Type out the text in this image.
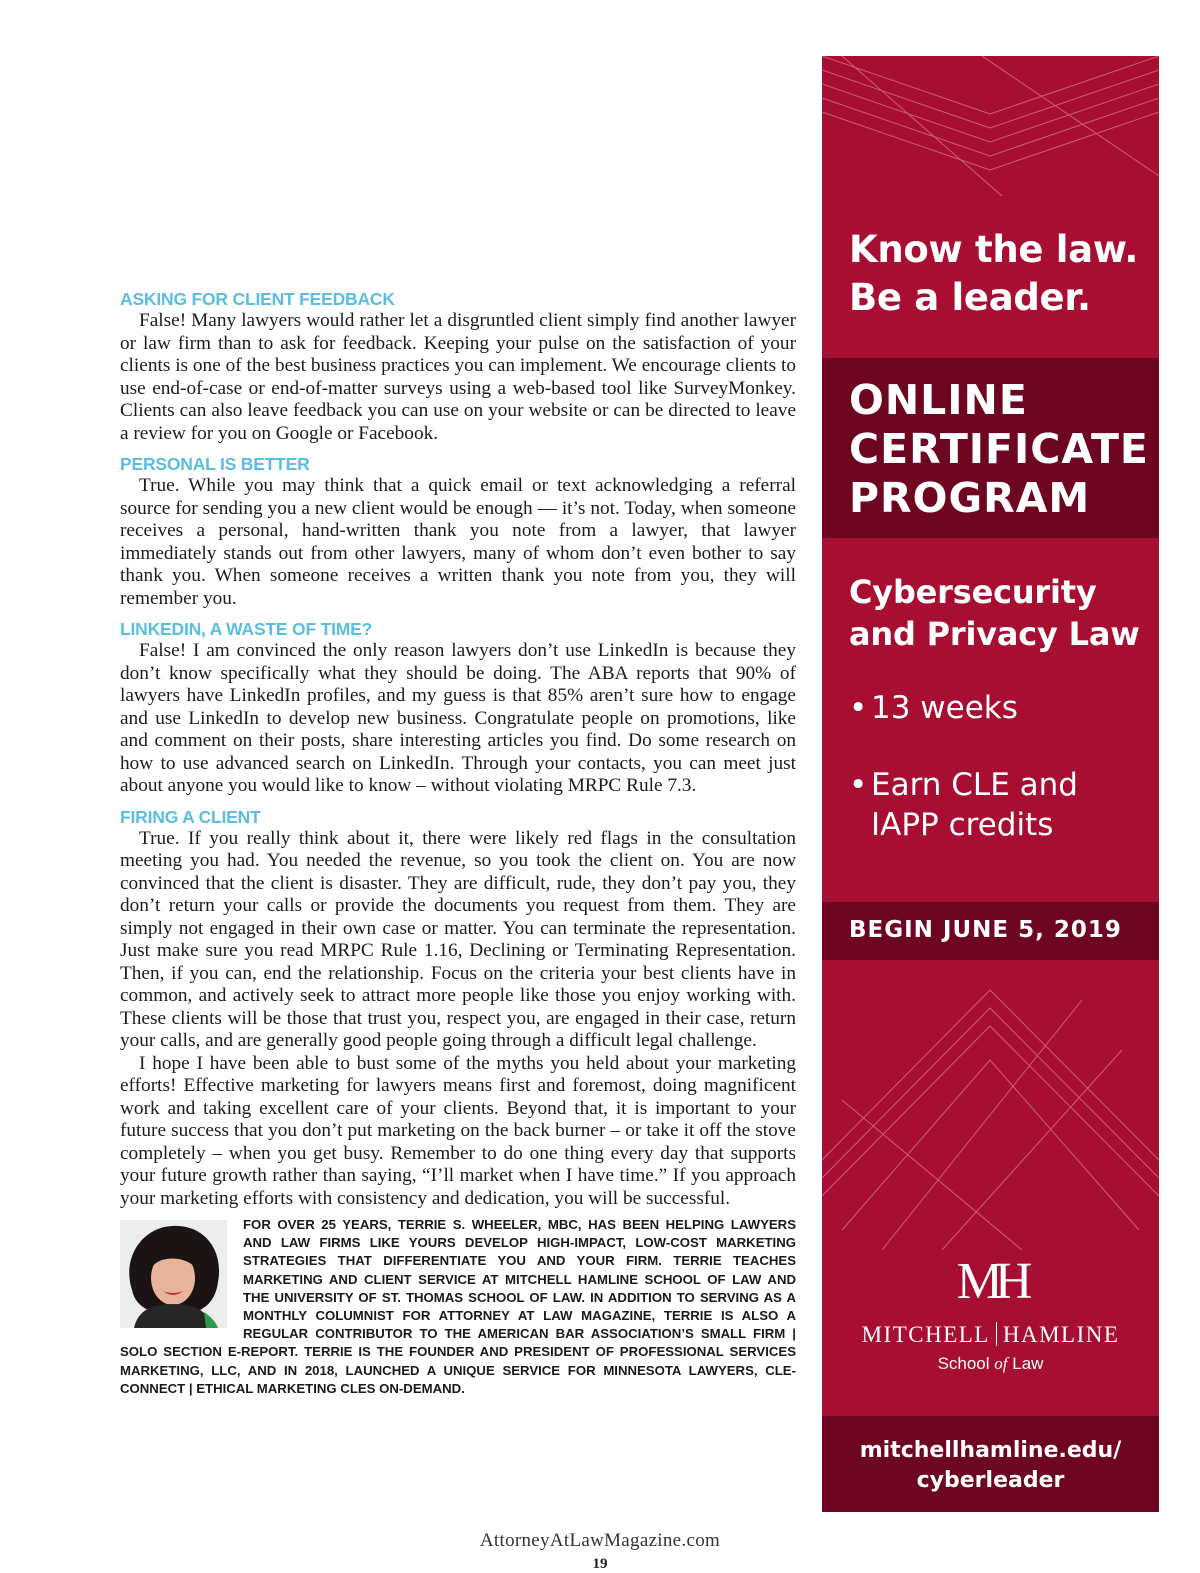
ASKING FOR CLIENT FEEDBACK

False! Many lawyers would rather let a disgruntled client simply find another lawyer or law firm than to ask for feedback. Keeping your pulse on the satisfaction of your clients is one of the best business practices you can implement. We encourage clients to use end-of-case or end-of-matter surveys using a web-based tool like SurveyMonkey. Clients can also leave feedback you can use on your website or can be directed to leave a review for you on Google or Facebook.

PERSONAL IS BETTER

True. While you may think that a quick email or text acknowledging a referral source for sending you a new client would be enough –– it’s not. Today, when someone receives a personal, hand-written thank you note from a lawyer, that lawyer immediately stands out from other lawyers, many of whom don’t even bother to say thank you. When someone receives a written thank you note from you, they will remember you.

LINKEDIN, A WASTE OF TIME?

False! I am convinced the only reason lawyers don’t use LinkedIn is because they don’t know specifically what they should be doing. The ABA reports that 90% of lawyers have LinkedIn profiles, and my guess is that 85% aren’t sure how to engage and use LinkedIn to develop new business. Congratulate people on promotions, like and comment on their posts, share interesting articles you find. Do some research on how to use advanced search on LinkedIn. Through your contacts, you can meet just about anyone you would like to know – without violating MRPC Rule 7.3.

FIRING A CLIENT

True. If you really think about it, there were likely red flags in the consultation meeting you had. You needed the revenue, so you took the client on. You are now convinced that the client is disaster. They are difficult, rude, they don’t pay you, they don’t return your calls or provide the documents you request from them. They are simply not engaged in their own case or matter. You can terminate the representation. Just make sure you read MRPC Rule 1.16, Declining or Terminating Representation. Then, if you can, end the relationship. Focus on the criteria your best clients have in common, and actively seek to attract more people like those you enjoy working with. These clients will be those that trust you, respect you, are engaged in their case, return your calls, and are generally good people going through a difficult legal challenge.

I hope I have been able to bust some of the myths you held about your marketing efforts! Effective marketing for lawyers means first and foremost, doing magnificent work and taking excellent care of your clients. Beyond that, it is important to your future success that you don’t put marketing on the back burner – or take it off the stove completely – when you get busy. Remember to do one thing every day that supports your future growth rather than saying, “I’ll market when I have time.” If you approach your marketing efforts with consistency and dedication, you will be successful.

FOR OVER 25 YEARS, TERRIE S. WHEELER, MBC, HAS BEEN HELPING LAWYERS AND LAW FIRMS LIKE YOURS DEVELOP HIGH-IMPACT, LOW-COST MARKETING STRATEGIES THAT DIFFERENTIATE YOU AND YOUR FIRM. TERRIE TEACHES MARKETING AND CLIENT SERVICE AT MITCHELL HAMLINE SCHOOL OF LAW AND THE UNIVERSITY OF ST. THOMAS SCHOOL OF LAW. IN ADDITION TO SERVING AS A MONTHLY COLUMNIST FOR ATTORNEY AT LAW MAGAZINE, TERRIE IS ALSO A REGULAR CONTRIBUTOR TO THE AMERICAN BAR ASSOCIATION’S SMALL FIRM | SOLO SECTION E-REPORT. TERRIE IS THE FOUNDER AND PRESIDENT OF PROFESSIONAL SERVICES MARKETING, LLC, AND IN 2018, LAUNCHED A UNIQUE SERVICE FOR MINNESOTA LAWYERS, CLE-CONNECT | ETHICAL MARKETING CLES ON-DEMAND.

AttorneyAtLawMagazine.com
19

Know the law.
Be a leader.

ONLINE
CERTIFICATE
PROGRAM

Cybersecurity
and Privacy Law

• 13 weeks
• Earn CLE and
IAPP credits

BEGIN JUNE 5, 2019

MH
MITCHELL HAMLINE
School of Law

mitchellhamline.edu/
cyberleader
